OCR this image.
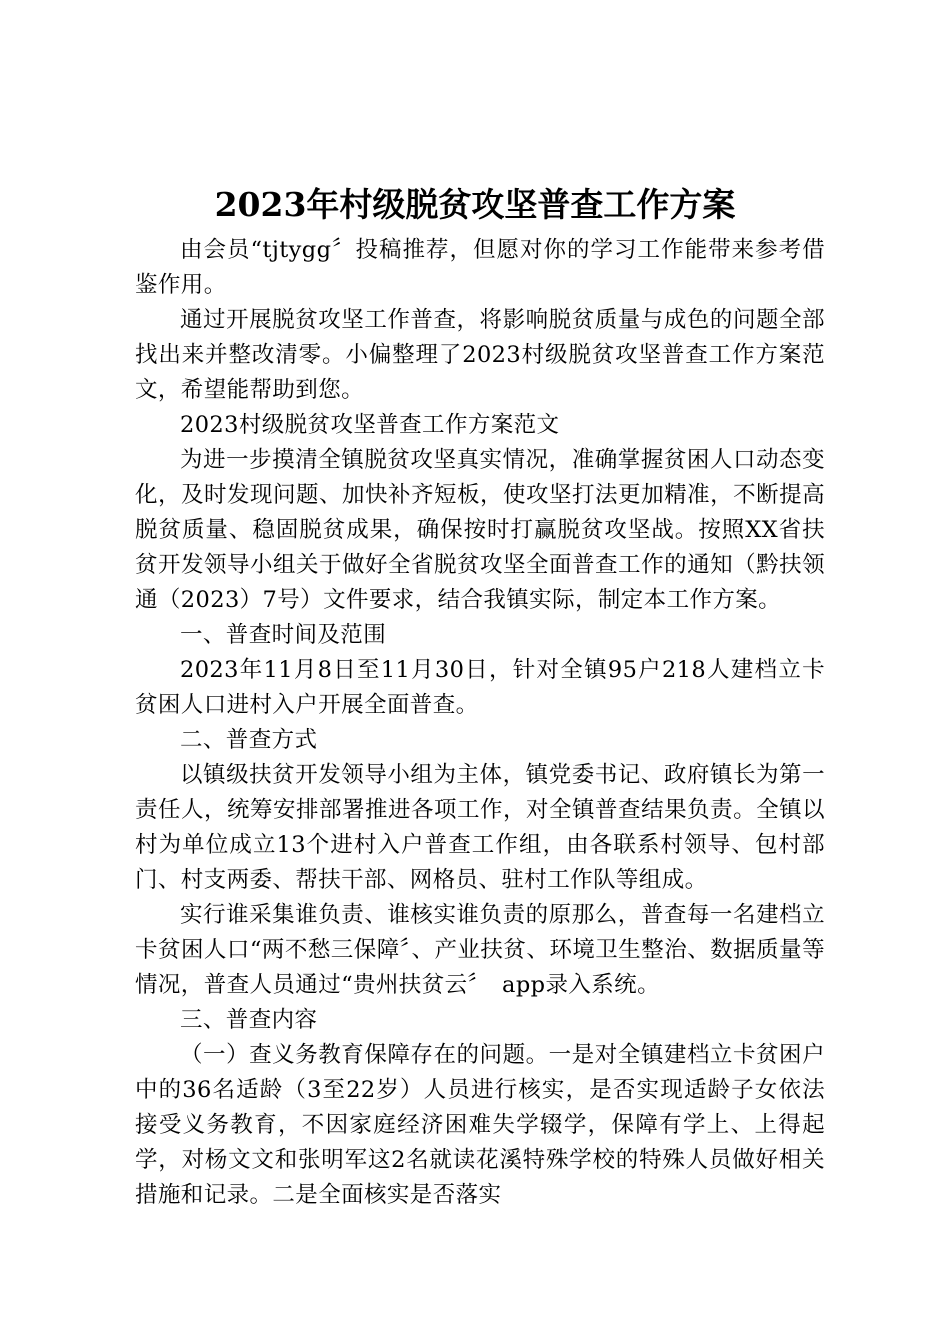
2023年村级脱贫攻坚普查工作方案

由会员“tjtygg〞投稿推荐，但愿对你的学习工作能带来参考借鉴作用。

通过开展脱贫攻坚工作普查，将影响脱贫质量与成色的问题全部找出来并整改清零。小偏整理了2023村级脱贫攻坚普查工作方案范文，希望能帮助到您。

2023村级脱贫攻坚普查工作方案范文

为进一步摸清全镇脱贫攻坚真实情况，准确掌握贫困人口动态变化，及时发现问题、加快补齐短板，使攻坚打法更加精准，不断提高脱贫质量、稳固脱贫成果，确保按时打赢脱贫攻坚战。按照XX省扶贫开发领导小组关于做好全省脱贫攻坚全面普查工作的通知（黔扶领通（2023）7号）文件要求，结合我镇实际，制定本工作方案。

一、普查时间及范围

2023年11月8日至11月30日，针对全镇95户218人建档立卡贫困人口进村入户开展全面普查。

二、普查方式

以镇级扶贫开发领导小组为主体，镇党委书记、政府镇长为第一责任人，统筹安排部署推进各项工作，对全镇普查结果负责。全镇以村为单位成立13个进村入户普查工作组，由各联系村领导、包村部门、村支两委、帮扶干部、网格员、驻村工作队等组成。

实行谁采集谁负责、谁核实谁负责的原那么，普查每一名建档立卡贫困人口“两不愁三保障〞、产业扶贫、环境卫生整治、数据质量等情况，普查人员通过“贵州扶贫云〞　app录入系统。

三、普查内容

（一）查义务教育保障存在的问题。一是对全镇建档立卡贫困户中的36名适龄（3至22岁）人员进行核实，是否实现适龄子女依法接受义务教育，不因家庭经济困难失学辍学，保障有学上、上得起学，对杨文文和张明军这2名就读花溪特殊学校的特殊人员做好相关措施和记录。二是全面核实是否落实
